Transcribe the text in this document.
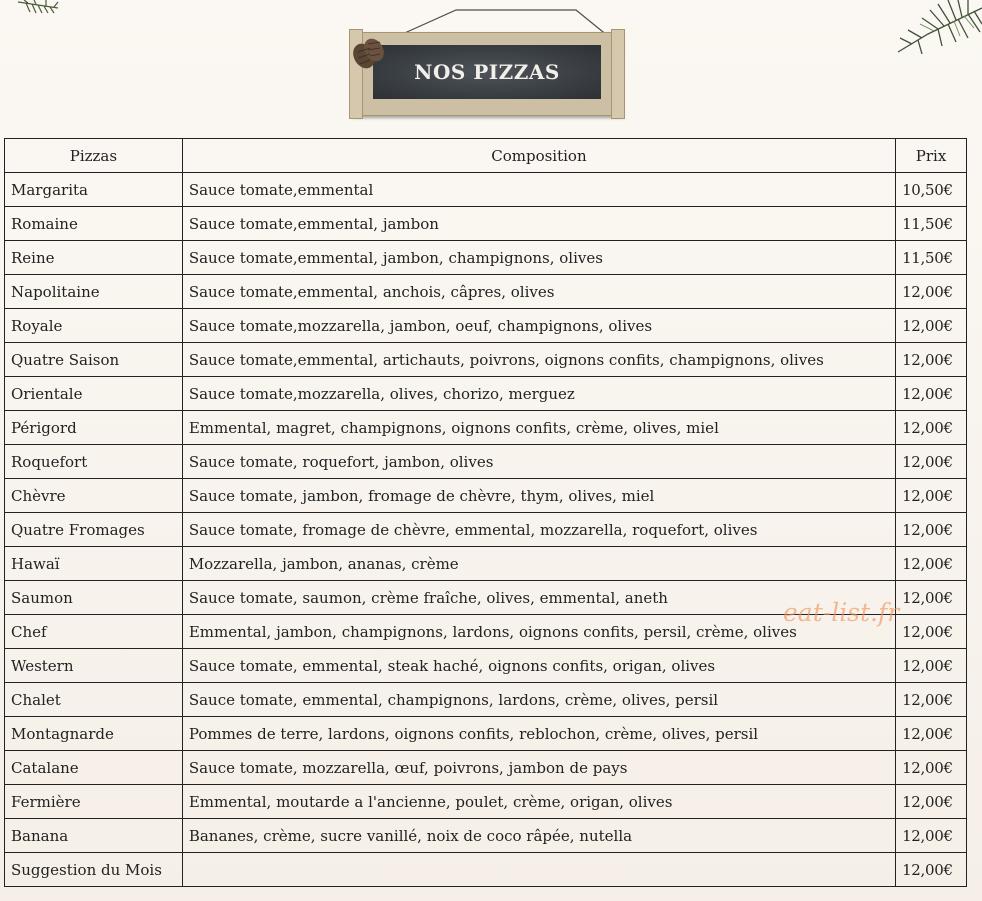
NOS PIZZAS
Pizzas	Composition	Prix
Margarita	Sauce tomate,emmental	10,50€
Romaine	Sauce tomate,emmental, jambon	11,50€
Reine	Sauce tomate,emmental, jambon, champignons, olives	11,50€
Napolitaine	Sauce tomate,emmental, anchois, câpres, olives	12,00€
Royale	Sauce tomate,mozzarella, jambon, oeuf, champignons, olives	12,00€
Quatre Saison	Sauce tomate,emmental, artichauts, poivrons, oignons confits, champignons, olives	12,00€
Orientale	Sauce tomate,mozzarella, olives, chorizo, merguez	12,00€
Périgord	Emmental, magret, champignons, oignons confits, crème, olives, miel	12,00€
Roquefort	Sauce tomate, roquefort, jambon, olives	12,00€
Chèvre	Sauce tomate, jambon, fromage de chèvre, thym, olives, miel	12,00€
Quatre Fromages	Sauce tomate, fromage de chèvre, emmental, mozzarella, roquefort, olives	12,00€
Hawaï	Mozzarella, jambon, ananas, crème	12,00€
Saumon	Sauce tomate, saumon, crème fraîche, olives, emmental, aneth	12,00€
Chef	Emmental, jambon, champignons, lardons, oignons confits, persil, crème, olives	12,00€
Western	Sauce tomate, emmental, steak haché, oignons confits, origan, olives	12,00€
Chalet	Sauce tomate, emmental, champignons, lardons, crème, olives, persil	12,00€
Montagnarde	Pommes de terre, lardons, oignons confits, reblochon, crème, olives, persil	12,00€
Catalane	Sauce tomate, mozzarella, œuf, poivrons, jambon de pays	12,00€
Fermière	Emmental, moutarde a l'ancienne, poulet, crème, origan, olives	12,00€
Banana	Bananes, crème, sucre vanillé, noix de coco râpée, nutella	12,00€
Suggestion du Mois		12,00€
eat-list.fr
